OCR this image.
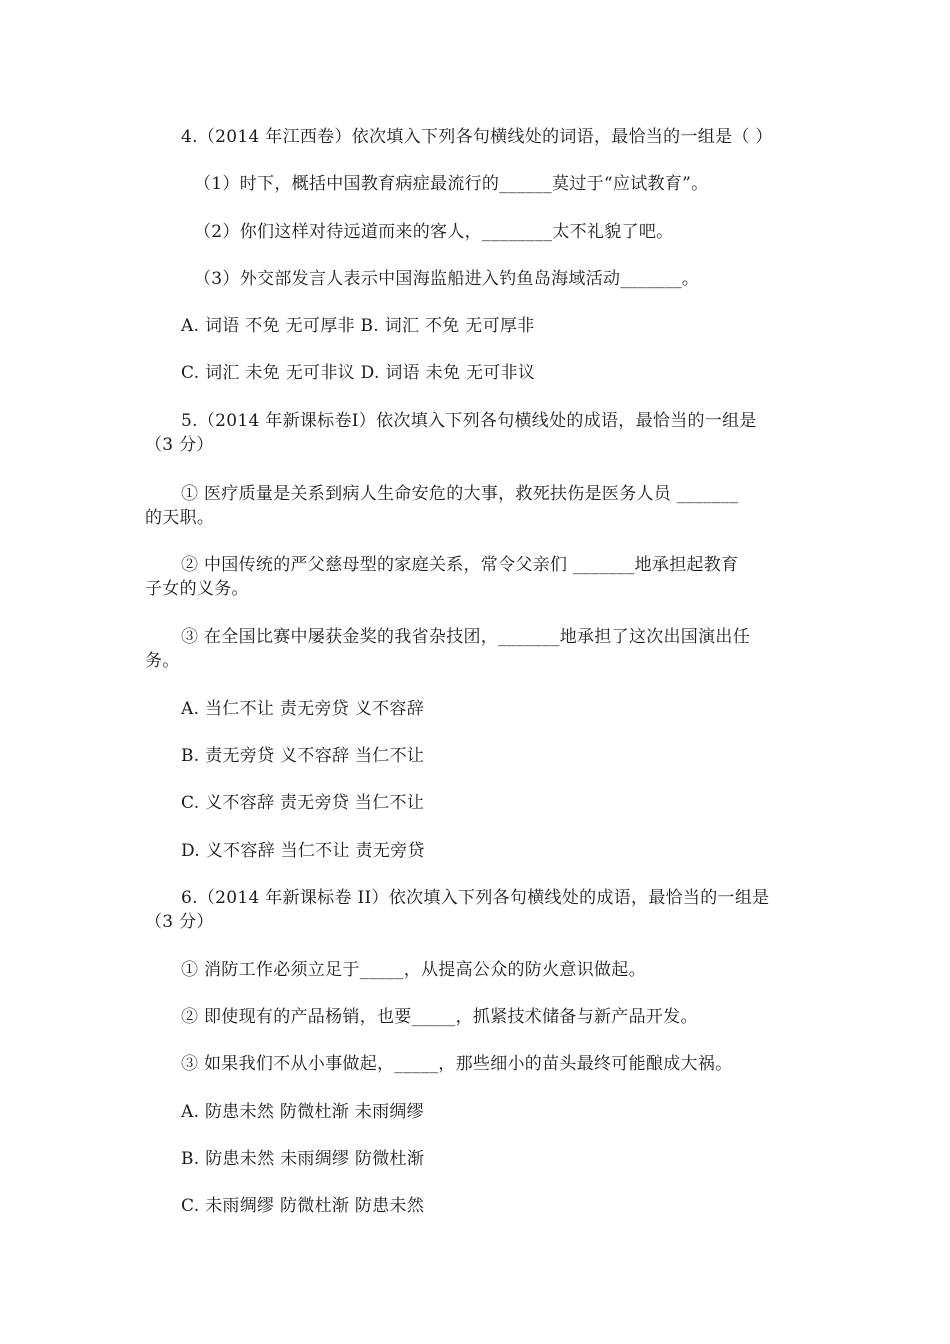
4.（2014 年江西卷）依次填入下列各句横线处的词语，最恰当的一组是（ ）
（1）时下，概括中国教育病症最流行的______莫过于“应试教育”。
（2）你们这样对待远道而来的客人，________太不礼貌了吧。
（3）外交部发言人表示中国海监船进入钓鱼岛海域活动_______。
A. 词语 不免 无可厚非 B. 词汇 不免 无可厚非
C. 词汇 未免 无可非议 D. 词语 未免 无可非议
5.（2014 年新课标卷Ⅰ）依次填入下列各句横线处的成语，最恰当的一组是
（3 分）
① 医疗质量是关系到病人生命安危的大事，救死扶伤是医务人员 _______
的天职。
② 中国传统的严父慈母型的家庭关系，常令父亲们 _______地承担起教育
子女的义务。
③ 在全国比赛中屡获金奖的我省杂技团，_______地承担了这次出国演出任
务。
A. 当仁不让 责无旁贷 义不容辞
B. 责无旁贷 义不容辞 当仁不让
C. 义不容辞 责无旁贷 当仁不让
D. 义不容辞 当仁不让 责无旁贷
6.（2014 年新课标卷 II）依次填入下列各句横线处的成语，最恰当的一组是
（3 分）
① 消防工作必须立足于_____，从提高公众的防火意识做起。
② 即使现有的产品杨销，也要_____，抓紧技术储备与新产品开发。
③ 如果我们不从小事做起，_____，那些细小的苗头最终可能酿成大祸。
A. 防患未然 防微杜渐 未雨绸缪
B. 防患未然 未雨绸缪 防微杜渐
C. 未雨绸缪 防微杜渐 防患未然
